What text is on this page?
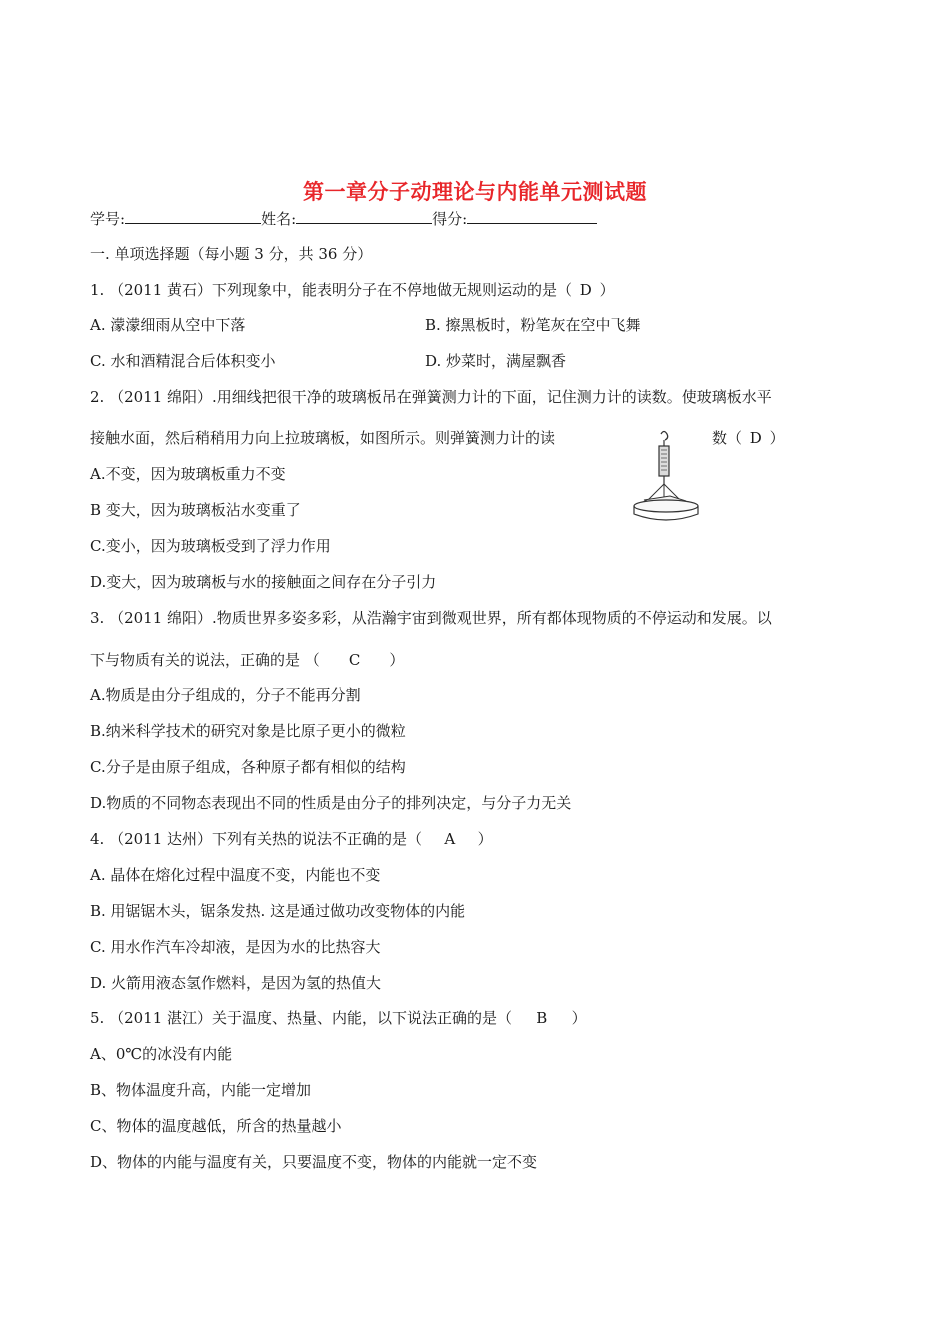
第一章分子动理论与内能单元测试题
学号:	姓名:	得分:
一. 单项选择题（每小题 3 分，共 36 分）
1. （2011 黄石）下列现象中，能表明分子在不停地做无规则运动的是（ D ）
A. 濛濛细雨从空中下落	B. 擦黑板时，粉笔灰在空中飞舞
C. 水和酒精混合后体积变小	D. 炒菜时，满屋飘香
2. （2011 绵阳）.用细线把很干净的玻璃板吊在弹簧测力计的下面，记住测力计的读数。使玻璃板水平
接触水面，然后稍稍用力向上拉玻璃板，如图所示。则弹簧测力计的读	数（ D ）
A.不变，因为玻璃板重力不变
B 变大，因为玻璃板沾水变重了
C.变小，因为玻璃板受到了浮力作用
D.变大，因为玻璃板与水的接触面之间存在分子引力
3. （2011 绵阳）.物质世界多姿多彩，从浩瀚宇宙到微观世界，所有都体现物质的不停运动和发展。以
下与物质有关的说法，正确的是 （ C ）
A.物质是由分子组成的，分子不能再分割
B.纳米科学技术的研究对象是比原子更小的微粒
C.分子是由原子组成，各种原子都有相似的结构
D.物质的不同物态表现出不同的性质是由分子的排列决定，与分子力无关
4. （2011 达州）下列有关热的说法不正确的是（ A ）
A. 晶体在熔化过程中温度不变，内能也不变
B. 用锯锯木头，锯条发热. 这是通过做功改变物体的内能
C. 用水作汽车冷却液，是因为水的比热容大
D. 火箭用液态氢作燃料，是因为氢的热值大
5. （2011 湛江）关于温度、热量、内能，以下说法正确的是（ B ）
A、0℃的冰没有内能
B、物体温度升高，内能一定增加
C、物体的温度越低，所含的热量越小
D、物体的内能与温度有关，只要温度不变，物体的内能就一定不变
